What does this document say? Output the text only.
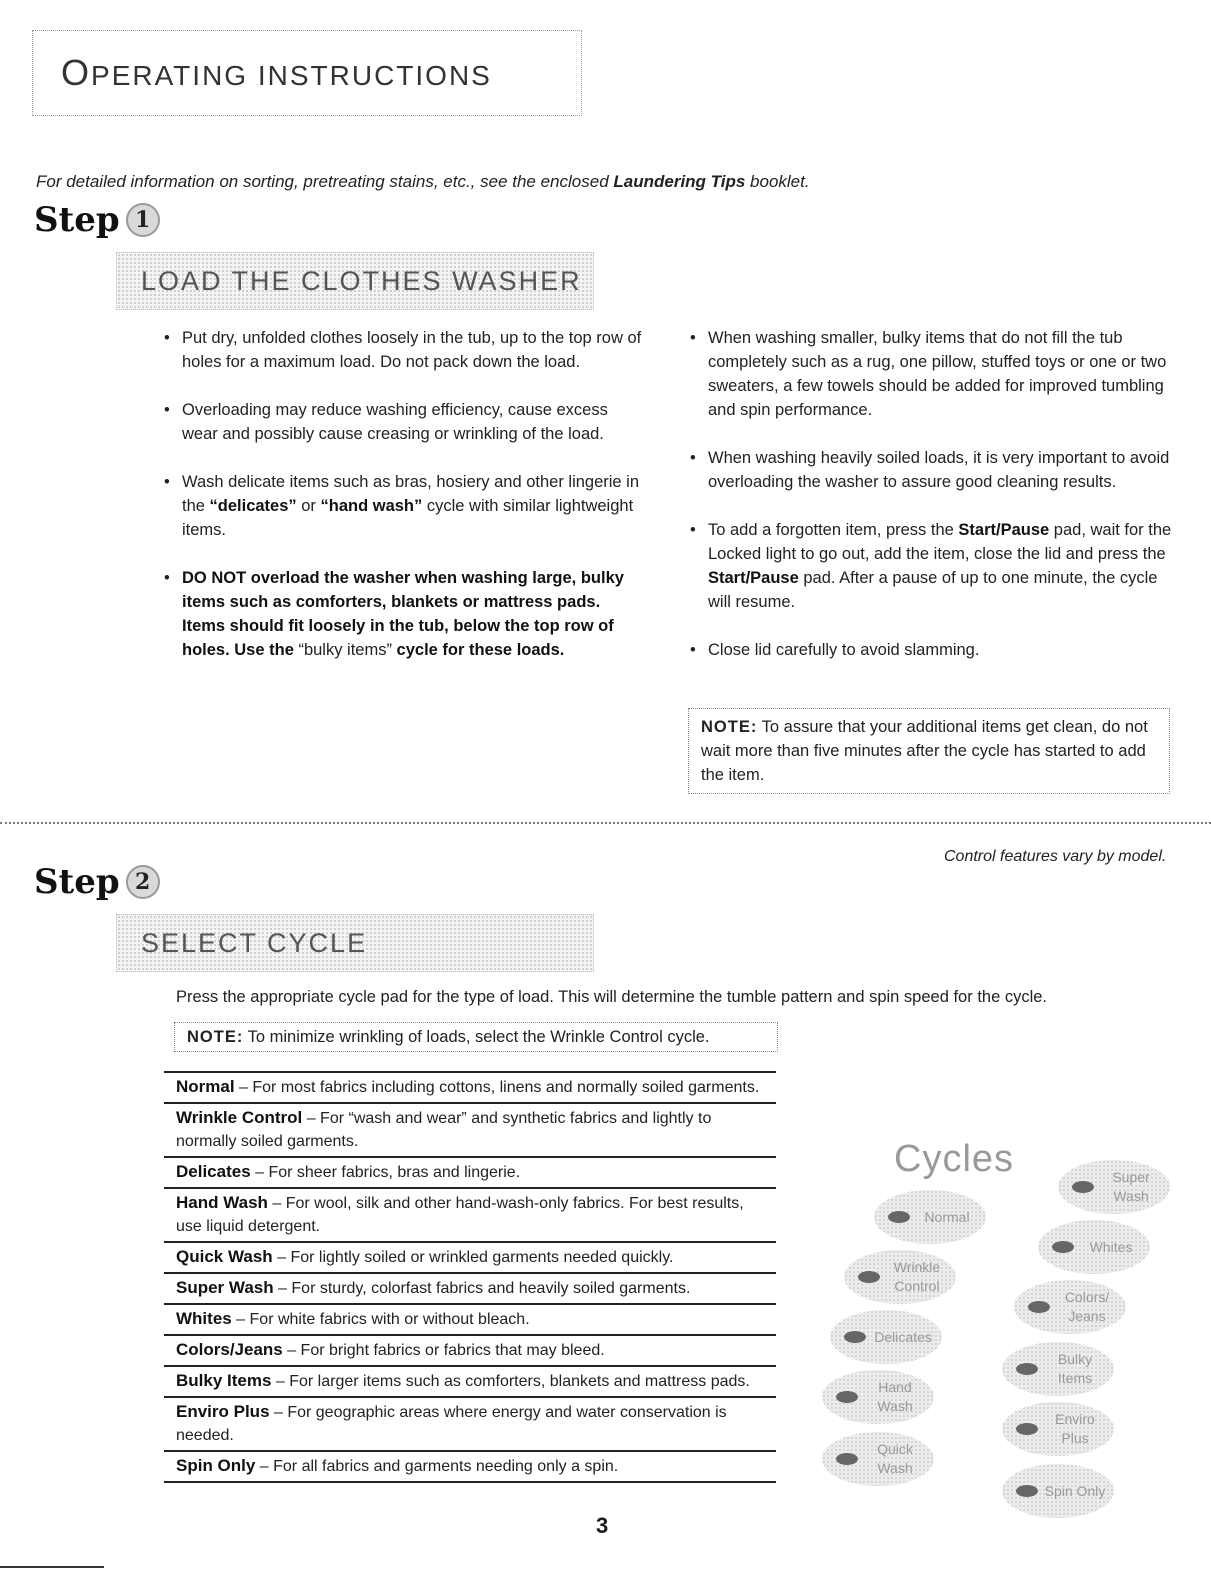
OPERATING INSTRUCTIONS
For detailed information on sorting, pretreating stains, etc., see the enclosed Laundering Tips booklet.
Step 1
LOAD THE CLOTHES WASHER
• Put dry, unfolded clothes loosely in the tub, up to the top row of holes for a maximum load. Do not pack down the load.
• Overloading may reduce washing efficiency, cause excess wear and possibly cause creasing or wrinkling of the load.
• Wash delicate items such as bras, hosiery and other lingerie in the “delicates” or “hand wash” cycle with similar lightweight items.
• DO NOT overload the washer when washing large, bulky items such as comforters, blankets or mattress pads. Items should fit loosely in the tub, below the top row of holes. Use the “bulky items” cycle for these loads.
• When washing smaller, bulky items that do not fill the tub completely such as a rug, one pillow, stuffed toys or one or two sweaters, a few towels should be added for improved tumbling and spin performance.
• When washing heavily soiled loads, it is very important to avoid overloading the washer to assure good cleaning results.
• To add a forgotten item, press the Start/Pause pad, wait for the Locked light to go out, add the item, close the lid and press the Start/Pause pad. After a pause of up to one minute, the cycle will resume.
• Close lid carefully to avoid slamming.
NOTE: To assure that your additional items get clean, do not wait more than five minutes after the cycle has started to add the item.
Control features vary by model.
Step 2
SELECT CYCLE
Press the appropriate cycle pad for the type of load. This will determine the tumble pattern and spin speed for the cycle.
NOTE: To minimize wrinkling of loads, select the Wrinkle Control cycle.
Normal – For most fabrics including cottons, linens and normally soiled garments.
Wrinkle Control – For “wash and wear” and synthetic fabrics and lightly to normally soiled garments.
Delicates – For sheer fabrics, bras and lingerie.
Hand Wash – For wool, silk and other hand-wash-only fabrics. For best results, use liquid detergent.
Quick Wash – For lightly soiled or wrinkled garments needed quickly.
Super Wash – For sturdy, colorfast fabrics and heavily soiled garments.
Whites – For white fabrics with or without bleach.
Colors/Jeans – For bright fabrics or fabrics that may bleed.
Bulky Items – For larger items such as comforters, blankets and mattress pads.
Enviro Plus – For geographic areas where energy and water conservation is needed.
Spin Only – For all fabrics and garments needing only a spin.
Cycles
Normal
Wrinkle Control
Delicates
Hand Wash
Quick Wash
Super Wash
Whites
Colors/ Jeans
Bulky Items
Enviro Plus
Spin Only
3
